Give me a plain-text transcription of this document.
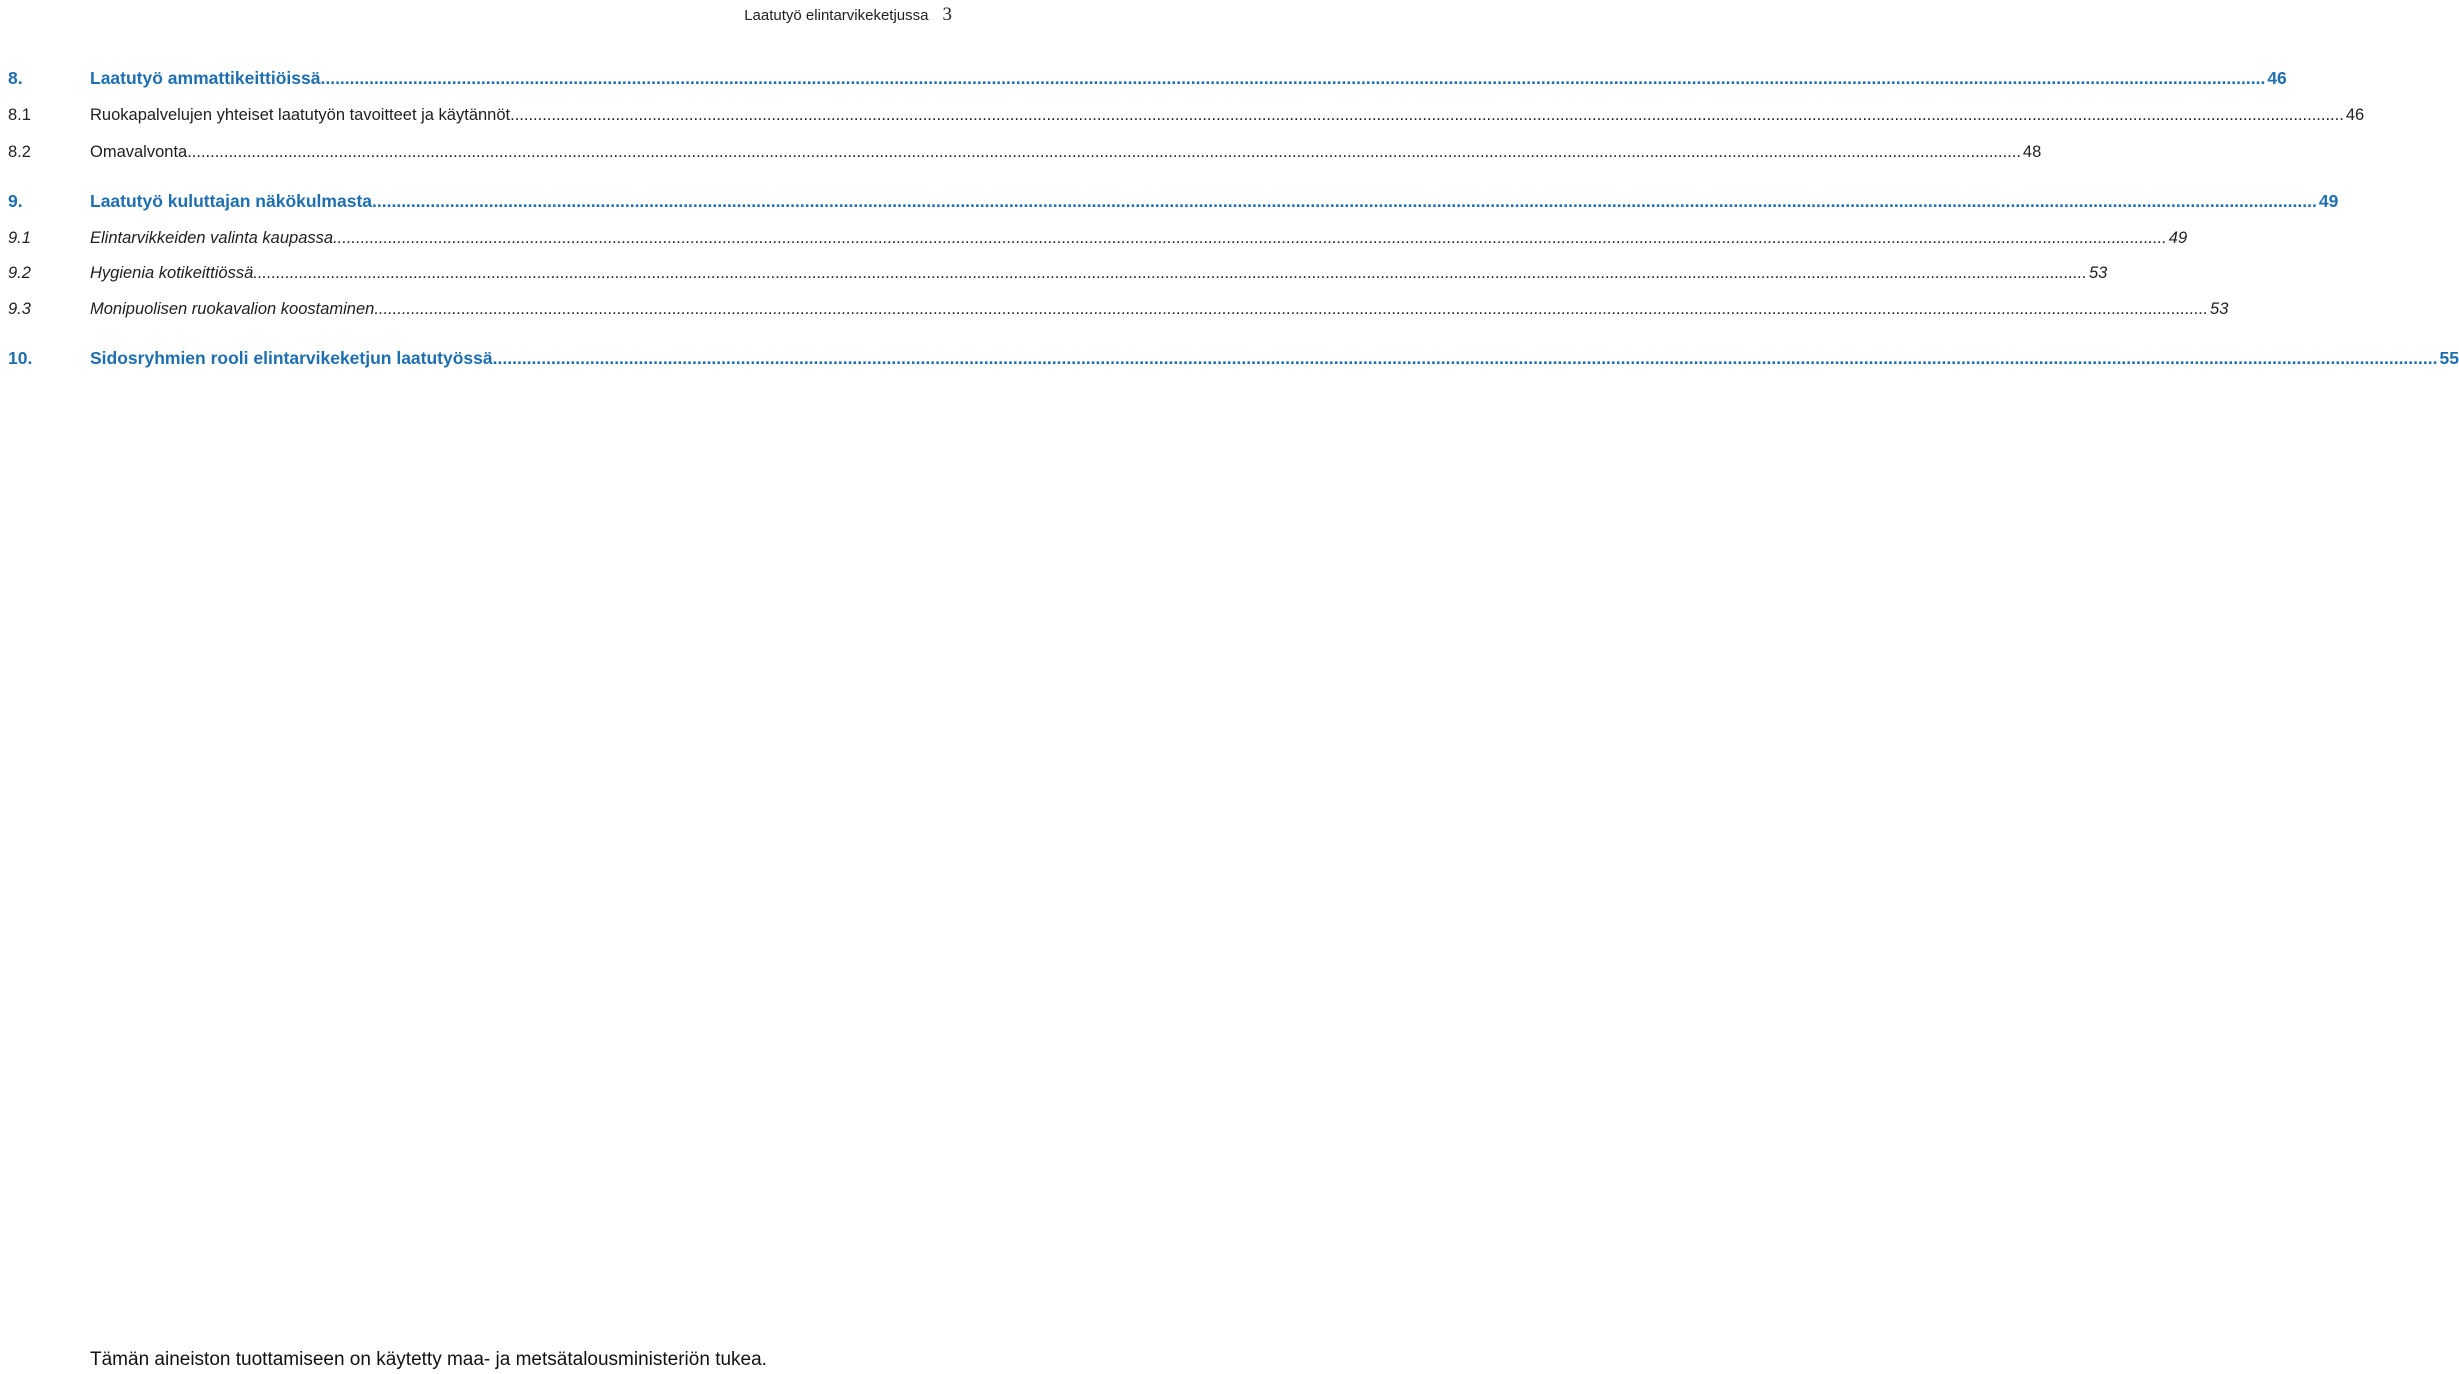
Laatutyö elintarvikeketjussa 3
8.	Laatutyö ammattikeittiöissä ................................................................................................................................................................................................................................................................................................................................................................................................................ 46
8.1	Ruokapalvelujen yhteiset laatutyön tavoitteet ja käytännöt ................................................................................................................................................................................................................................................................................................................................................................................................................ 46
8.2	Omavalvonta ................................................................................................................................................................................................................................................................................................................................................................................................................ 48
9.	Laatutyö kuluttajan näkökulmasta ................................................................................................................................................................................................................................................................................................................................................................................................................ 49
9.1	Elintarvikkeiden valinta kaupassa ................................................................................................................................................................................................................................................................................................................................................................................................................ 49
9.2	Hygienia kotikeittiössä ................................................................................................................................................................................................................................................................................................................................................................................................................ 53
9.3	Monipuolisen ruokavalion koostaminen ................................................................................................................................................................................................................................................................................................................................................................................................................ 53
10.	Sidosryhmien rooli elintarvikeketjun laatutyössä ................................................................................................................................................................................................................................................................................................................................................................................................................ 55
Tämän aineiston tuottamiseen on käytetty maa- ja metsätalousministeriön tukea.
